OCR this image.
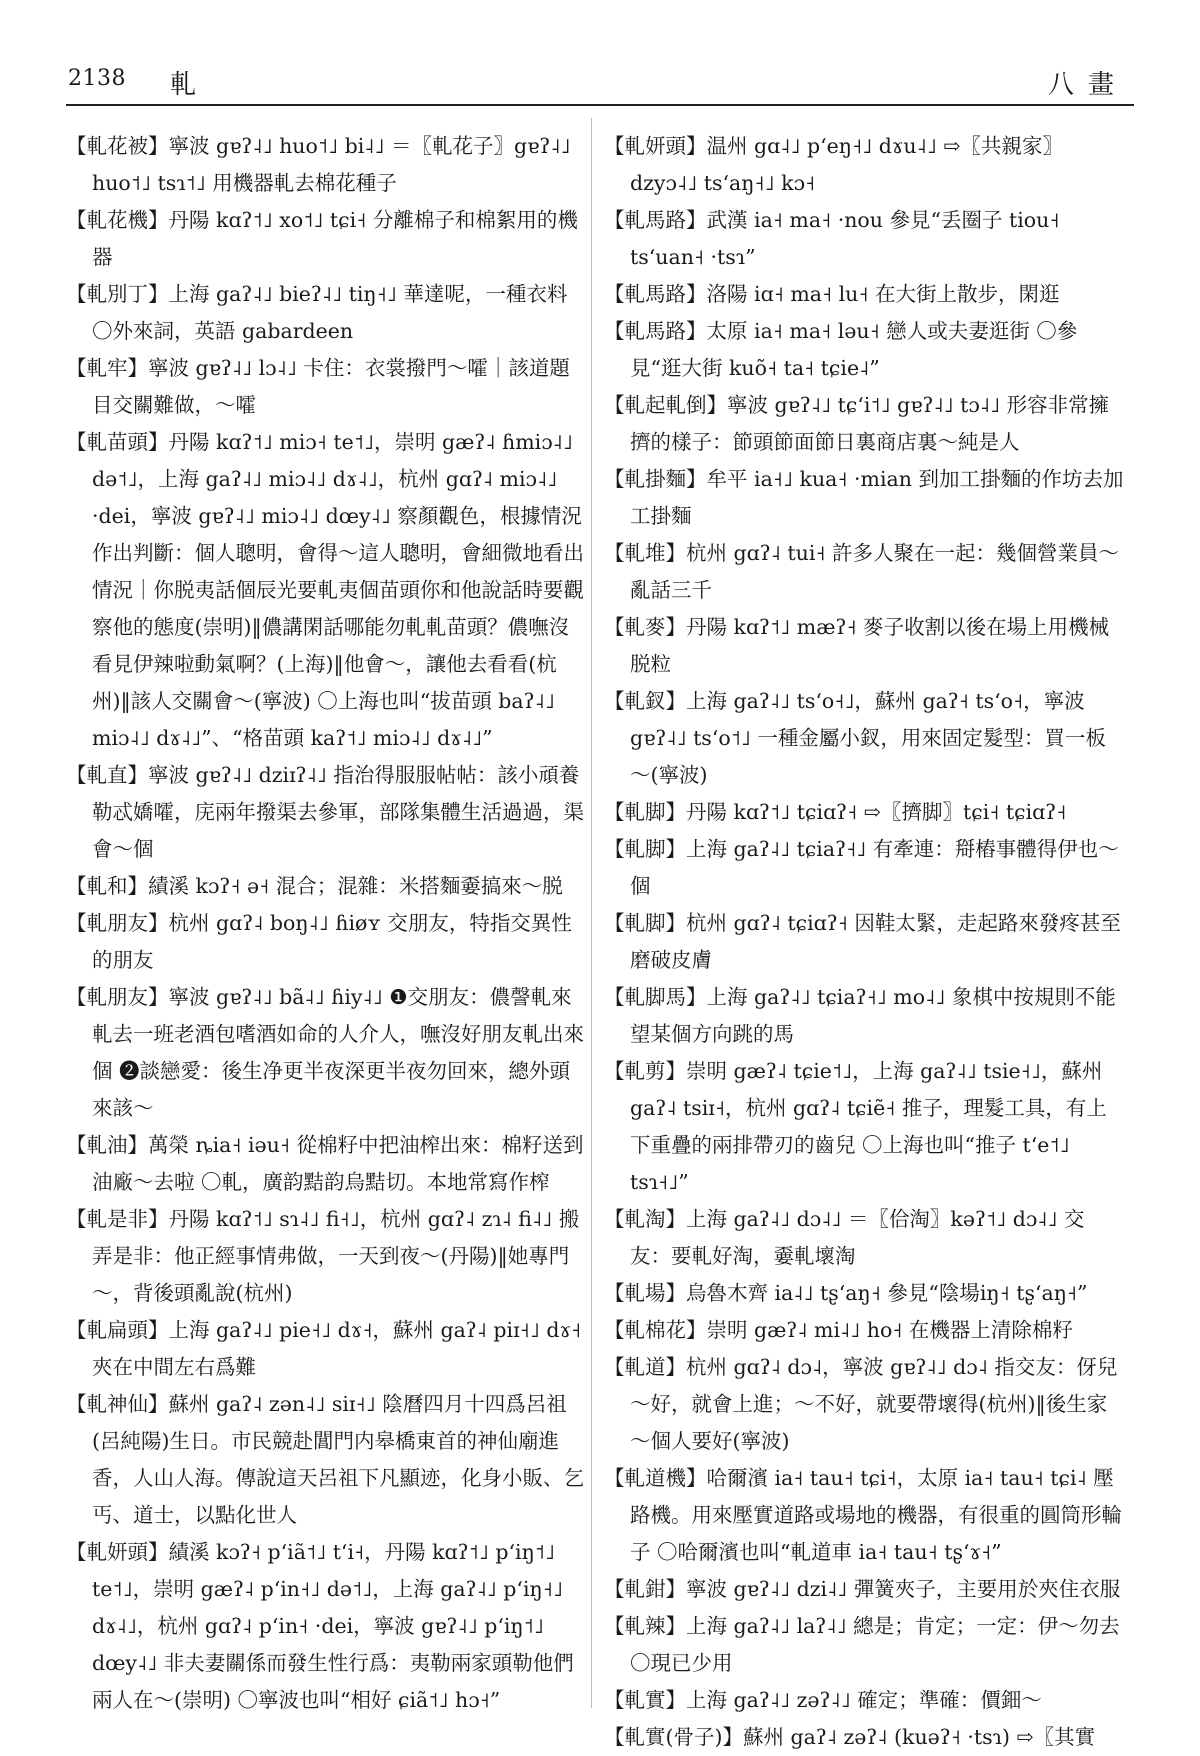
2138 軋	八畫

【軋花被】寧波 gɐʔ˨˩ huo˦˩ bi˨˩ ＝〖軋花子〗gɐʔ˨˩ huo˦˩ tsɿ˦˩ 用機器軋去棉花種子

【軋花機】丹陽 kɑʔ˦˩ xo˦˩ tɕi˧ 分離棉子和棉絮用的機器

【軋別丁】上海 gaʔ˨˩ bieʔ˨˩ tiŋ˧˩ 華達呢，一種衣料 〇外來詞，英語 gabardeen

【軋牢】寧波 gɐʔ˨˩ lɔ˨˩ 卡住：衣裳撥門～嚯｜該道題目交關難做，～嚯

【軋苗頭】丹陽 kɑʔ˦˩ miɔ˧ te˦˩，崇明 gæʔ˨ ɦmiɔ˨˩ də˦˩，上海 gaʔ˨˩ miɔ˨˩ dɤ˨˩，杭州 gɑʔ˨ miɔ˨˩ ·dei，寧波 gɐʔ˨˩ miɔ˨˩ dœy˨˩ 察顏觀色，根據情況作出判斷：個人聰明，會得～這人聰明，會細微地看出情況｜你脱夷話個辰光要軋夷個苗頭你和他說話時要觀察他的態度(崇明)‖儂講閑話哪能勿軋軋苗頭？儂嘸沒看見伊辣啦動氣啊？(上海)‖他會～，讓他去看看(杭州)‖該人交關會～(寧波) 〇上海也叫“拔苗頭 baʔ˨˩ miɔ˨˩ dɤ˨˩”、“格苗頭 kaʔ˦˩ miɔ˨˩ dɤ˨˩”

【軋直】寧波 gɐʔ˨˩ dziɪʔ˨˩ 指治得服服帖帖：該小頑養勒忒嬌嚯，庑兩年撥渠去參軍，部隊集體生活過過，渠會～個

【軋和】績溪 kɔʔ˧ ə˧ 混合；混雜：米搭麵嫑搞來～脱

【軋朋友】杭州 gɑʔ˨ boŋ˨˩ ɦiøʏ 交朋友，特指交異性的朋友

【軋朋友】寧波 gɐʔ˨˩ bã˨˩ ɦiy˨˩ ❶交朋友：儂謦軋來軋去一班老酒包嗜酒如命的人介人，嘸沒好朋友軋出來個 ❷談戀愛：後生净更半夜深更半夜勿回來，總外頭來該～

【軋油】萬榮 ȵia˧ iəu˧ 從棉籽中把油榨出來：棉籽送到油廠～去啦 〇軋，廣韵黠韵烏黠切。本地常寫作榨

【軋是非】丹陽 kɑʔ˦˩ sɿ˨˩ fi˧˩，杭州 gɑʔ˨ zɿ˨ fi˨˩ 搬弄是非：他正經事情弗做，一天到夜～(丹陽)‖她專門～，背後頭亂說(杭州)

【軋扁頭】上海 gaʔ˨˩ pie˧˩ dɤ˧，蘇州 gaʔ˨ piɪ˧˩ dɤ˧ 夾在中間左右爲難

【軋神仙】蘇州 gaʔ˨ zən˨˩ siɪ˧˩ 陰曆四月十四爲呂祖(呂純陽)生日。市民競赴閶門内皋橋東首的神仙廟進香，人山人海。傳說這天呂祖下凡顯迹，化身小販、乞丐、道士，以點化世人

【軋妍頭】績溪 kɔʔ˧ pʻiã˦˩ tʻi˧，丹陽 kɑʔ˦˩ pʻiŋ˦˩ te˦˩，崇明 gæʔ˨ pʻin˧˩ də˦˩，上海 gaʔ˨˩ pʻiŋ˧˩ dɤ˨˩，杭州 gɑʔ˨ pʻin˧ ·dei，寧波 gɐʔ˨˩ pʻiŋ˦˩ dœy˨˩ 非夫妻關係而發生性行爲：夷勒兩家頭勒他們兩人在～(崇明) 〇寧波也叫“相好 ɕiã˦˩ hɔ˧”

【軋妍頭】温州 gɑ˨˩ pʻeŋ˧˩ dɤu˨˩ ⇨〖共親家〗dzyɔ˨˩ tsʻaŋ˧˩ kɔ˧

【軋馬路】武漢 ia˧ ma˧ ·nou 參見“丢圈子 tiou˧ tsʻuan˧ ·tsɿ”

【軋馬路】洛陽 iɑ˧ ma˧ lu˧ 在大街上散步，閑逛

【軋馬路】太原 ia˧ ma˧ ləu˧ 戀人或夫妻逛街 〇參見“逛大街 kuõ˧ ta˧ tɕie˨”

【軋起軋倒】寧波 gɐʔ˨˩ tɕʻi˦˩ gɐʔ˨˩ tɔ˨˩ 形容非常擁擠的樣子：節頭節面節日裏商店裏～純是人

【軋掛麵】牟平 ia˧˩ kua˧ ·mian 到加工掛麵的作坊去加工掛麵

【軋堆】杭州 gɑʔ˨ tui˧ 許多人聚在一起：幾個營業員～亂話三千

【軋麥】丹陽 kɑʔ˦˩ mæʔ˧ 麥子收割以後在場上用機械脱粒

【軋釵】上海 gaʔ˨˩ tsʻo˧˩，蘇州 gaʔ˧ tsʻo˧，寧波 gɐʔ˨˩ tsʻo˦˩ 一種金屬小釵，用來固定髮型：買一板～(寧波)

【軋脚】丹陽 kɑʔ˦˩ tɕiɑʔ˧ ⇨〖擠脚〗tɕi˧ tɕiɑʔ˧

【軋脚】上海 gaʔ˨˩ tɕiaʔ˧˩ 有牽連：搿樁事體得伊也～個

【軋脚】杭州 gɑʔ˨ tɕiɑʔ˧ 因鞋太緊，走起路來發疼甚至磨破皮膚

【軋脚馬】上海 gaʔ˨˩ tɕiaʔ˧˩ mo˨˩ 象棋中按規則不能望某個方向跳的馬

【軋剪】崇明 gæʔ˨ tɕie˦˩，上海 gaʔ˨˩ tsie˧˩，蘇州 gaʔ˨ tsiɪ˧，杭州 gɑʔ˨ tɕiẽ˧ 推子，理髮工具，有上下重疊的兩排帶刃的齒兒 〇上海也叫“推子 tʻe˦˩ tsɿ˧˩”

【軋淘】上海 gaʔ˨˩ dɔ˨˩ ＝〖佮淘〗kəʔ˦˩ dɔ˨˩ 交友：要軋好淘，嫑軋壞淘

【軋場】烏魯木齊 ia˨˩ tʂʻaŋ˧ 參見“陰場iŋ˧ tʂʻaŋ˧”

【軋棉花】崇明 gæʔ˨ mi˨˩ ho˧ 在機器上清除棉籽

【軋道】杭州 gɑʔ˨ dɔ˨，寧波 gɐʔ˨˩ dɔ˨ 指交友：伢兒～好，就會上進；～不好，就要帶壞得(杭州)‖後生家～個人要好(寧波)

【軋道機】哈爾濱 ia˧ tau˧ tɕi˧，太原 ia˧ tau˧ tɕi˨ 壓路機。用來壓實道路或場地的機器，有很重的圓筒形輪子 〇哈爾濱也叫“軋道車 ia˧ tau˧ tʂʻɤ˧”

【軋鉗】寧波 gɐʔ˨˩ dzi˨˩ 彈簧夾子，主要用於夾住衣服

【軋辣】上海 gaʔ˨˩ laʔ˨˩ 總是；肯定；一定：伊～勿去 〇現已少用

【軋實】上海 gaʔ˨˩ zəʔ˨˩ 確定；準確：價鈿～

【軋實(骨子)】蘇州 gaʔ˨ zəʔ˨ (kuəʔ˧ ·tsɿ) ⇨〖其實
